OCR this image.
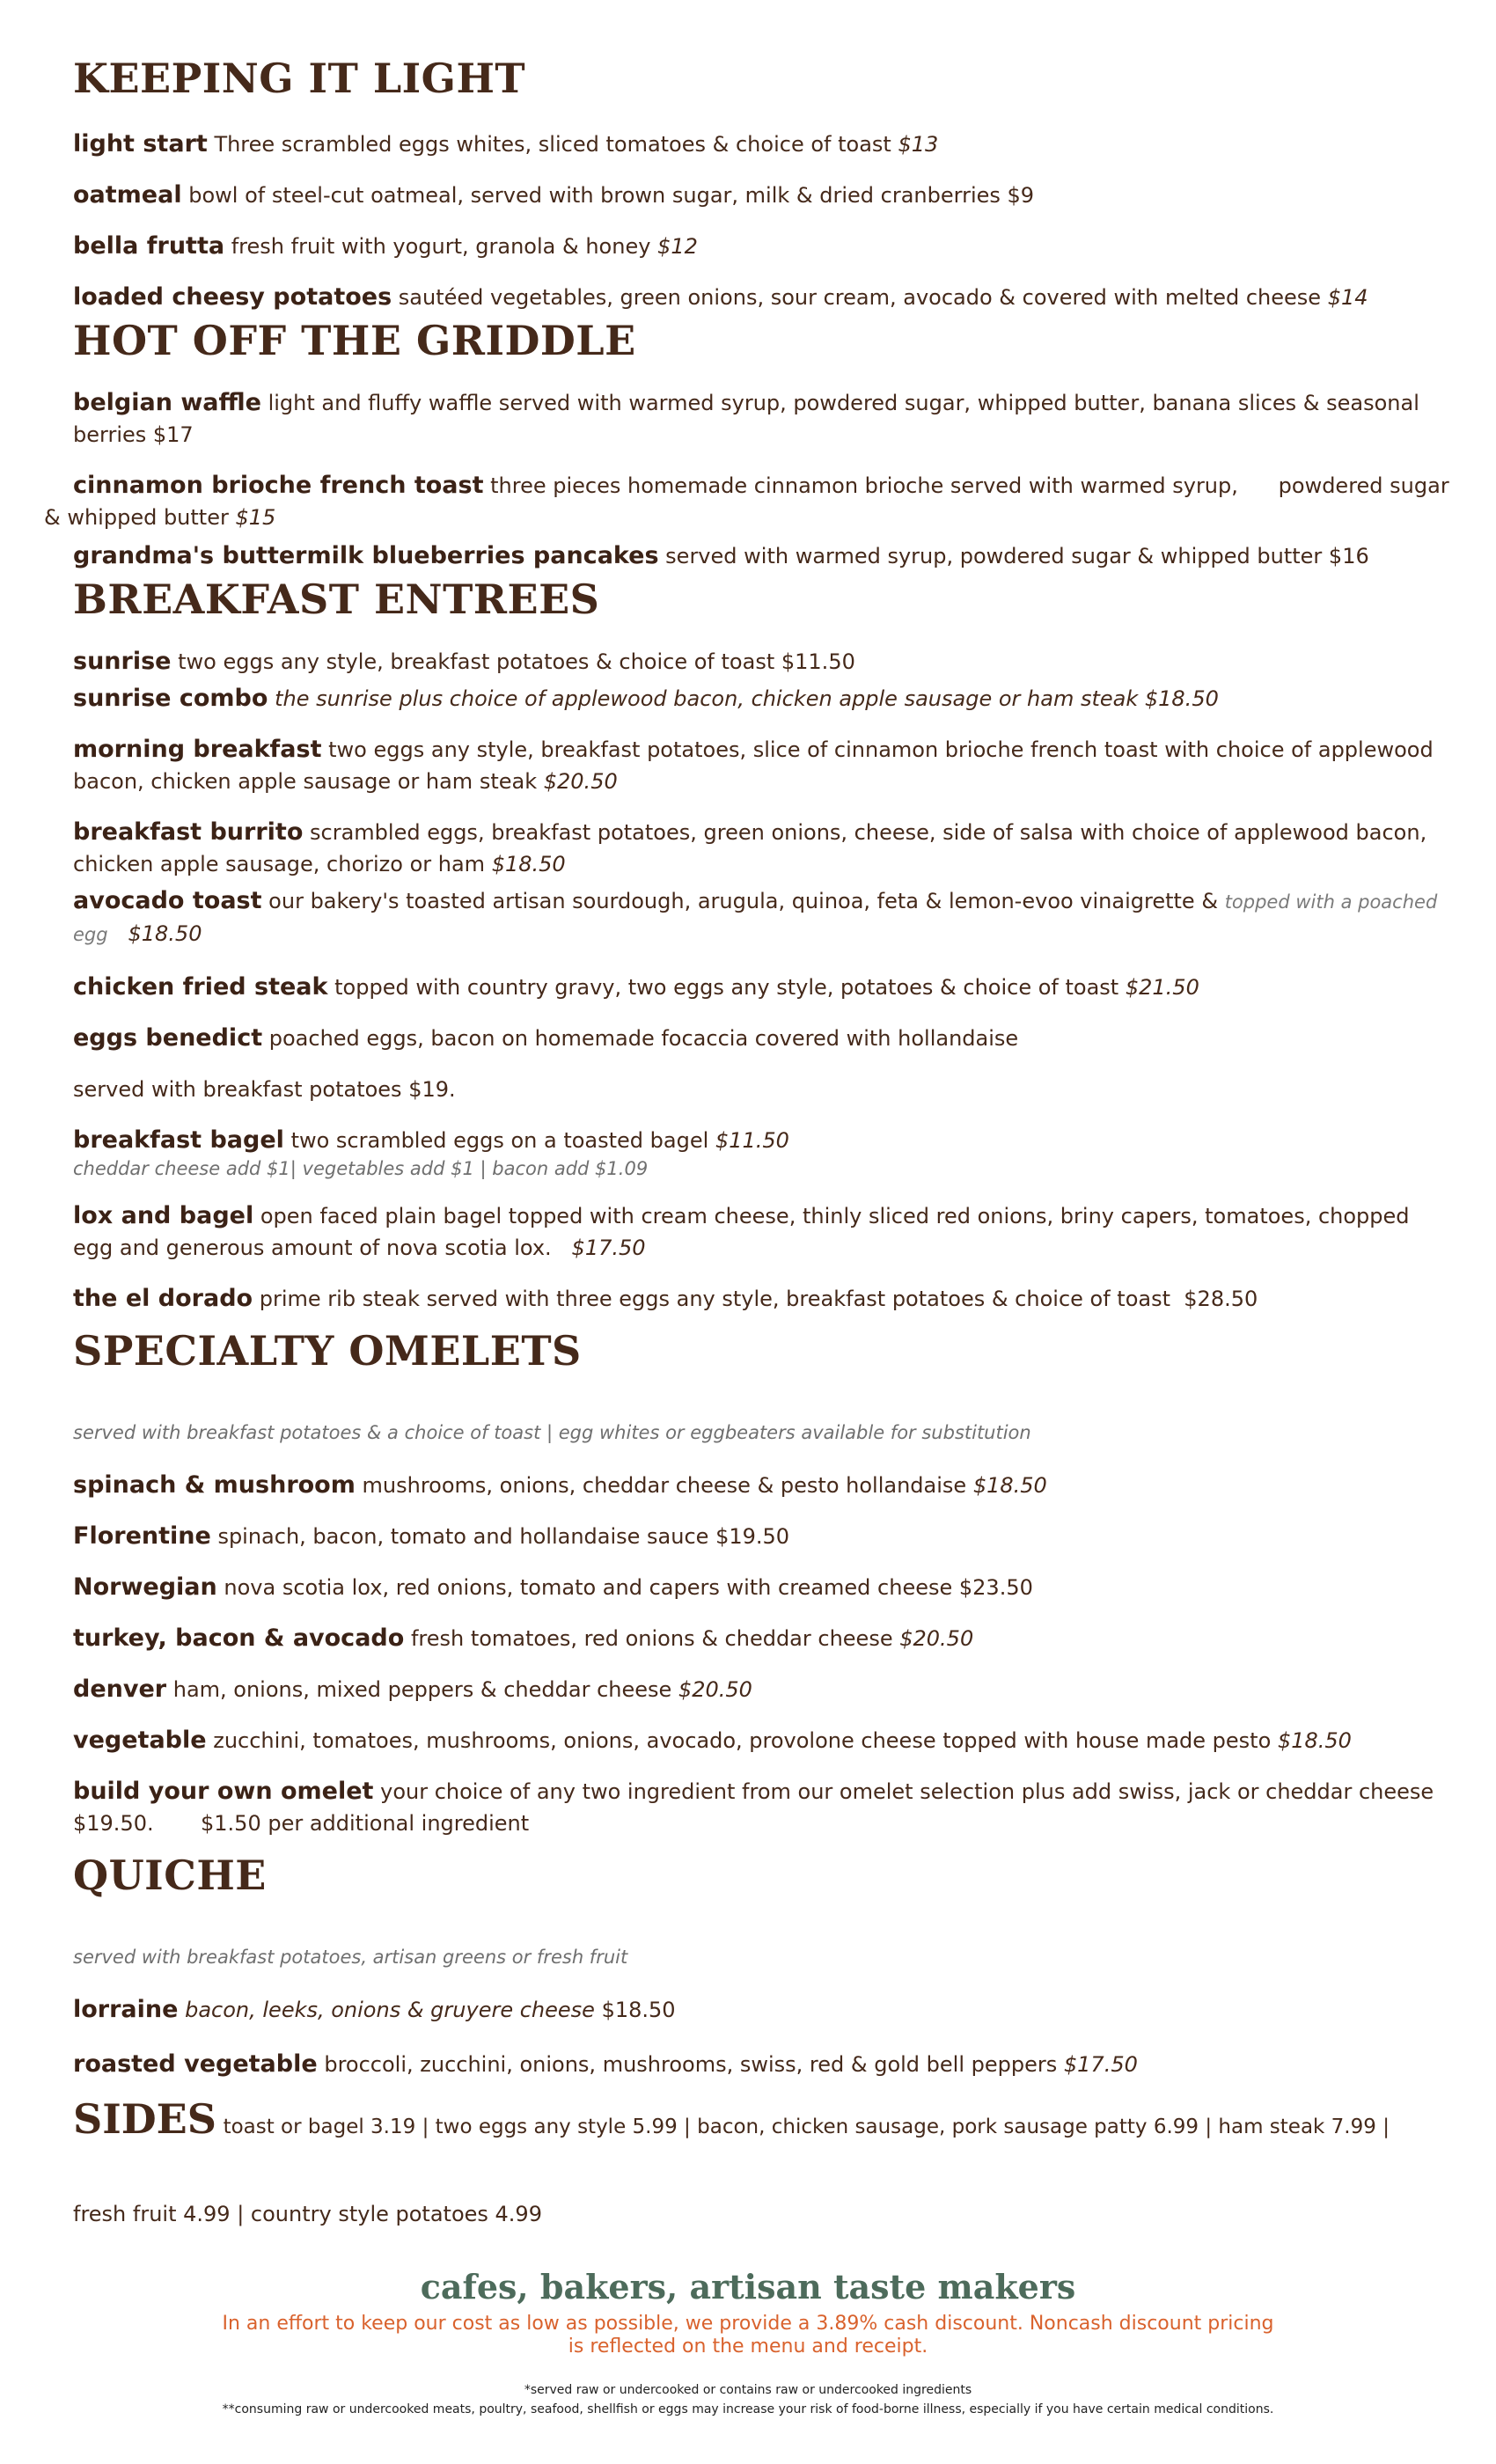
KEEPING IT LIGHT

light start Three scrambled eggs whites, sliced tomatoes & choice of toast $13

oatmeal bowl of steel-cut oatmeal, served with brown sugar, milk & dried cranberries $9

bella frutta fresh fruit with yogurt, granola & honey $12

loaded cheesy potatoes sautéed vegetables, green onions, sour cream, avocado & covered with melted cheese $14

HOT OFF THE GRIDDLE

belgian waffle light and fluffy waffle served with warmed syrup, powdered sugar, whipped butter, banana slices & seasonal berries $17

cinnamon brioche french toast three pieces homemade cinnamon brioche served with warmed syrup,      powdered sugar & whipped butter $15

grandma's buttermilk blueberries pancakes served with warmed syrup, powdered sugar & whipped butter $16

BREAKFAST ENTREES

sunrise two eggs any style, breakfast potatoes & choice of toast $11.50

sunrise combo the sunrise plus choice of applewood bacon, chicken apple sausage or ham steak $18.50

morning breakfast two eggs any style, breakfast potatoes, slice of cinnamon brioche french toast with choice of applewood bacon, chicken apple sausage or ham steak $20.50

breakfast burrito scrambled eggs, breakfast potatoes, green onions, cheese, side of salsa with choice of applewood bacon, chicken apple sausage, chorizo or ham $18.50

avocado toast our bakery's toasted artisan sourdough, arugula, quinoa, feta & lemon-evoo vinaigrette & topped with a poached egg $18.50

chicken fried steak topped with country gravy, two eggs any style, potatoes & choice of toast $21.50

eggs benedict poached eggs, bacon on homemade focaccia covered with hollandaise

served with breakfast potatoes $19.

breakfast bagel two scrambled eggs on a toasted bagel $11.50

cheddar cheese add $1| vegetables add $1 | bacon add $1.09

lox and bagel open faced plain bagel topped with cream cheese, thinly sliced red onions, briny capers, tomatoes, chopped egg and generous amount of nova scotia lox. $17.50

the el dorado prime rib steak served with three eggs any style, breakfast potatoes & choice of toast $28.50

SPECIALTY OMELETS

served with breakfast potatoes & a choice of toast | egg whites or eggbeaters available for substitution

spinach & mushroom mushrooms, onions, cheddar cheese & pesto hollandaise $18.50

Florentine spinach, bacon, tomato and hollandaise sauce $19.50

Norwegian nova scotia lox, red onions, tomato and capers with creamed cheese $23.50

turkey, bacon & avocado fresh tomatoes, red onions & cheddar cheese $20.50

denver ham, onions, mixed peppers & cheddar cheese $20.50

vegetable zucchini, tomatoes, mushrooms, onions, avocado, provolone cheese topped with house made pesto $18.50

build your own omelet your choice of any two ingredient from our omelet selection plus add swiss, jack or cheddar cheese $19.50.       $1.50 per additional ingredient

QUICHE

served with breakfast potatoes, artisan greens or fresh fruit

lorraine bacon, leeks, onions & gruyere cheese $18.50

roasted vegetable broccoli, zucchini, onions, mushrooms, swiss, red & gold bell peppers $17.50

SIDES toast or bagel 3.19 | two eggs any style 5.99 | bacon, chicken sausage, pork sausage patty 6.99 | ham steak 7.99 |

fresh fruit 4.99 | country style potatoes 4.99

cafes, bakers, artisan taste makers
In an effort to keep our cost as low as possible, we provide a 3.89% cash discount. Noncash discount pricing is reflected on the menu and receipt.
*served raw or undercooked or contains raw or undercooked ingredients
**consuming raw or undercooked meats, poultry, seafood, shellfish or eggs may increase your risk of food-borne illness, especially if you have certain medical conditions.
